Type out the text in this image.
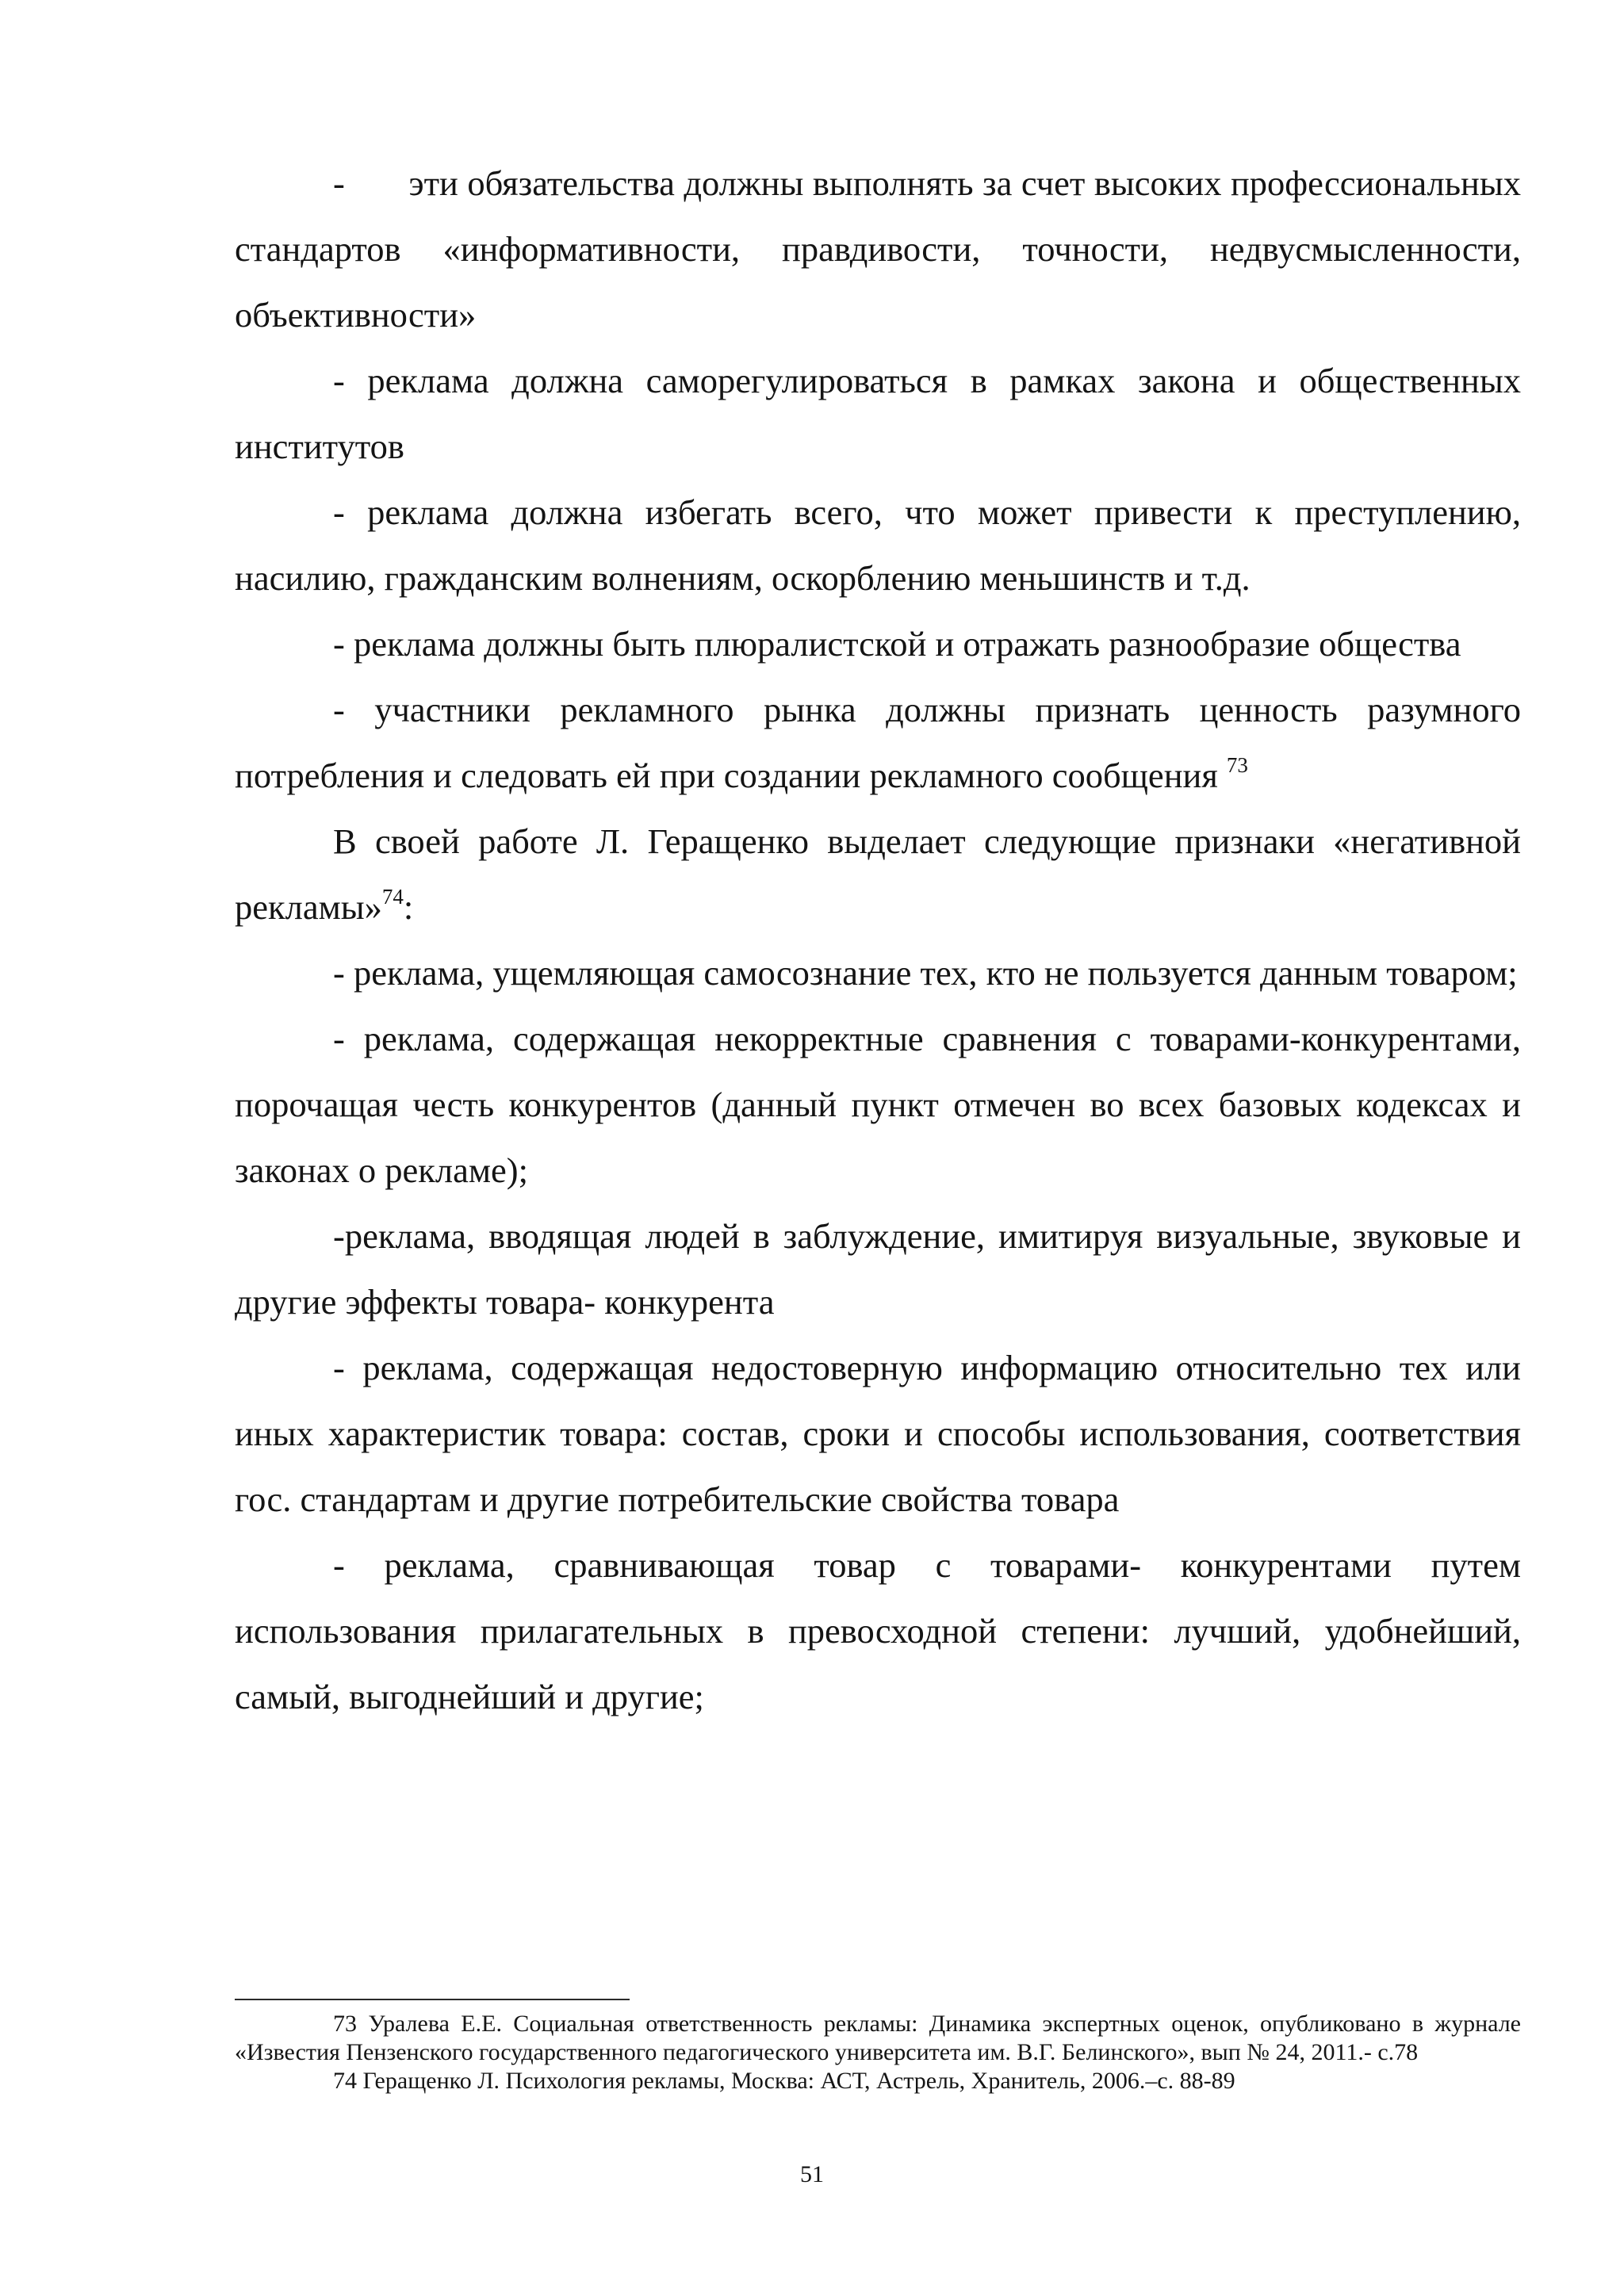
-       эти обязательства должны выполнять за счет высоких профессиональных стандартов «информативности, правдивости, точности, недвусмысленности, объективности»

- реклама должна саморегулироваться в рамках закона и общественных институтов

- реклама должна избегать всего, что может привести к преступлению, насилию, гражданским волнениям, оскорблению меньшинств и т.д.

- реклама должны быть плюралистской и отражать разнообразие общества

- участники рекламного рынка должны признать ценность разумного потребления и следовать ей при создании рекламного сообщения $^{73}$

В своей работе Л. Геращенко выделает следующие признаки «негативной рекламы»$^{74}$:

- реклама, ущемляющая самосознание тех, кто не пользуется данным товаром;

- реклама, содержащая некорректные сравнения с товарами-конкурентами, порочащая честь конкурентов (данный пункт отмечен во всех базовых кодексах и законах о рекламе);

-реклама, вводящая людей в заблуждение, имитируя визуальные, звуковые и другие эффекты товара- конкурента

- реклама, содержащая недостоверную информацию относительно тех или иных характеристик товара: состав, сроки и способы использования, соответствия гос. стандартам и другие потребительские свойства товара

- реклама, сравнивающая товар с товарами- конкурентами путем использования прилагательных в превосходной степени: лучший, удобнейший, самый, выгоднейший и другие;

73 Уралева Е.Е. Социальная ответственность рекламы: Динамика экспертных оценок, опубликовано в журнале «Известия Пензенского государственного педагогического университета им. В.Г. Белинского», вып № 24, 2011.- с.78

74 Геращенко Л. Психология рекламы, Москва: АСТ, Астрель, Хранитель, 2006.–с. 88-89

51
